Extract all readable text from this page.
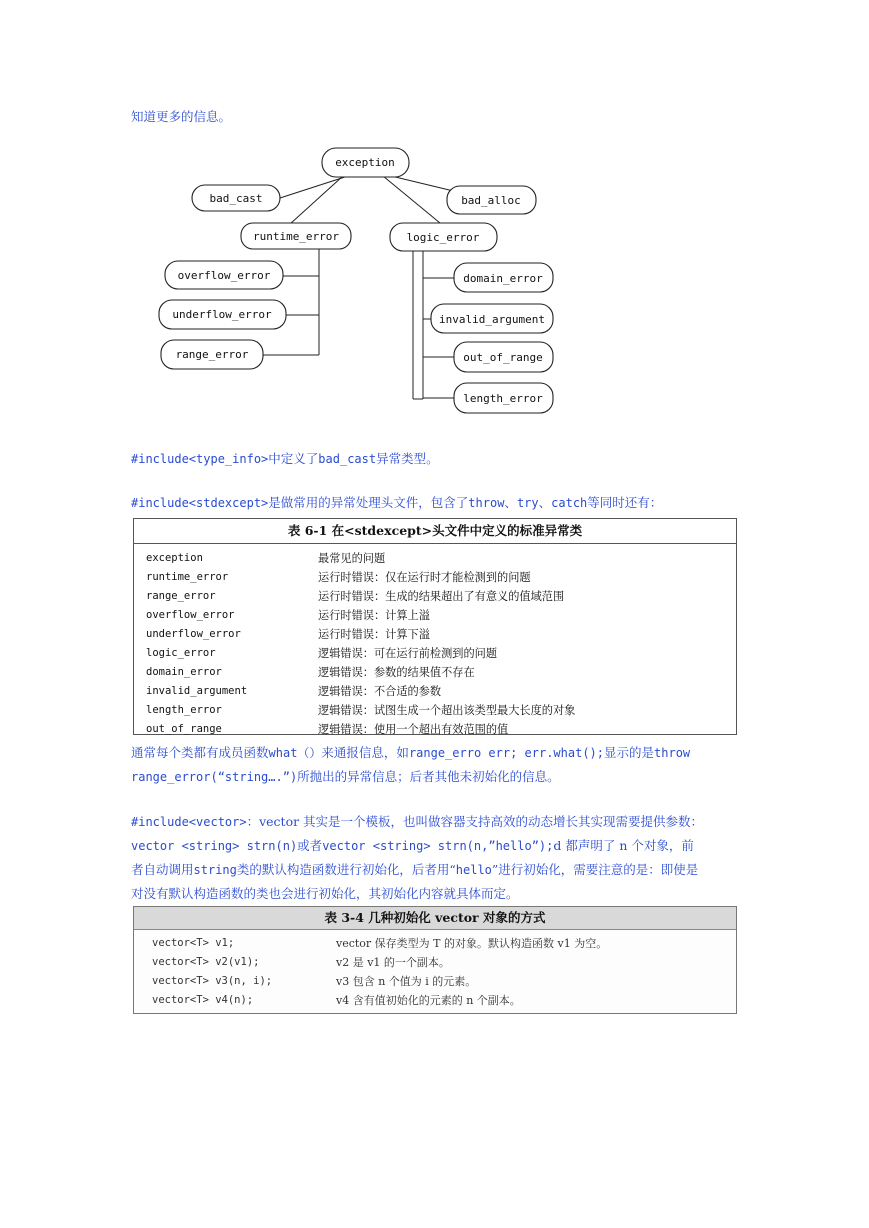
知道更多的信息。
exception
bad_cast	bad_alloc
runtime_error	logic_error
overflow_error
underflow_error
range_error
domain_error
invalid_argument
out_of_range
length_error
#include<type_info>中定义了bad_cast异常类型。
#include<stdexcept>是做常用的异常处理头文件，包含了throw、try、catch等同时还有：
表 6-1 在<stdexcept>头文件中定义的标准异常类
exception	最常见的问题
runtime_error	运行时错误：仅在运行时才能检测到的问题
range_error	运行时错误：生成的结果超出了有意义的值域范围
overflow_error	运行时错误：计算上溢
underflow_error	运行时错误：计算下溢
logic_error	逻辑错误：可在运行前检测到的问题
domain_error	逻辑错误：参数的结果值不存在
invalid_argument	逻辑错误：不合适的参数
length_error	逻辑错误：试图生成一个超出该类型最大长度的对象
out_of_range	逻辑错误：使用一个超出有效范围的值
通常每个类都有成员函数what（）来通报信息，如range_erro err; err.what();显示的是throw
range_error(“string….”)所抛出的异常信息；后者其他未初始化的信息。
#include<vector>：vector 其实是一个模板，也叫做容器支持高效的动态增长其实现需要提供参数：
vector <string> strn(n)或者vector <string> strn(n,”hello”);d 都声明了 n 个对象，前
者自动调用string类的默认构造函数进行初始化，后者用“hello”进行初始化，需要注意的是：即使是
对没有默认构造函数的类也会进行初始化，其初始化内容就具体而定。
表 3-4 几种初始化 vector 对象的方式
vector<T> v1;	vector 保存类型为 T 的对象。默认构造函数 v1 为空。
vector<T> v2(v1);	v2 是 v1 的一个副本。
vector<T> v3(n, i);	v3 包含 n 个值为 i 的元素。
vector<T> v4(n);	v4 含有值初始化的元素的 n 个副本。
